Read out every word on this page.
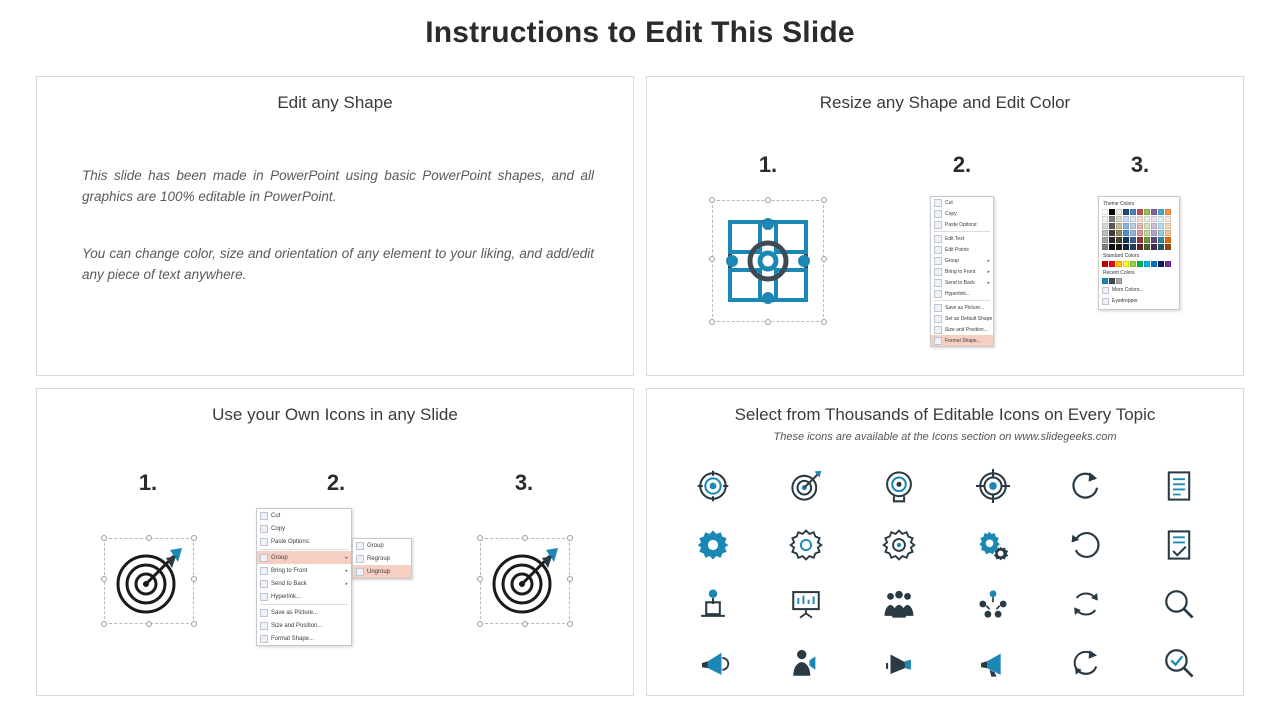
Instructions to Edit This Slide
Edit any Shape
This slide has been made in PowerPoint using basic PowerPoint shapes, and all graphics are 100% editable in PowerPoint.
You can change color, size and orientation of any element to your liking, and add/edit any piece of text anywhere.
Resize any Shape and Edit Color
1.	2.	3.
Cut
Copy
Paste Options:
Edit Text
Edit Points
Group	▸
Bring to Front ▸
Send to Back	▸
Hyperlink...
Save as Picture...
Set as Default Shape
Size and Position...
Format Shape...
Theme Colors
Standard Colors
Recent Colors
More Colors...
Eyedropper
Use your Own Icons in any Slide
1.	2.	3.
Cut
Copy
Paste Options:
Group	▸
Bring to Front	▸
Send to Back	▸
Hyperlink...
Save as Picture...
Size and Position...
Format Shape...
Group
Regroup
Ungroup
Select from Thousands of Editable Icons on Every Topic
These icons are available at the Icons section on www.slidegeeks.com
